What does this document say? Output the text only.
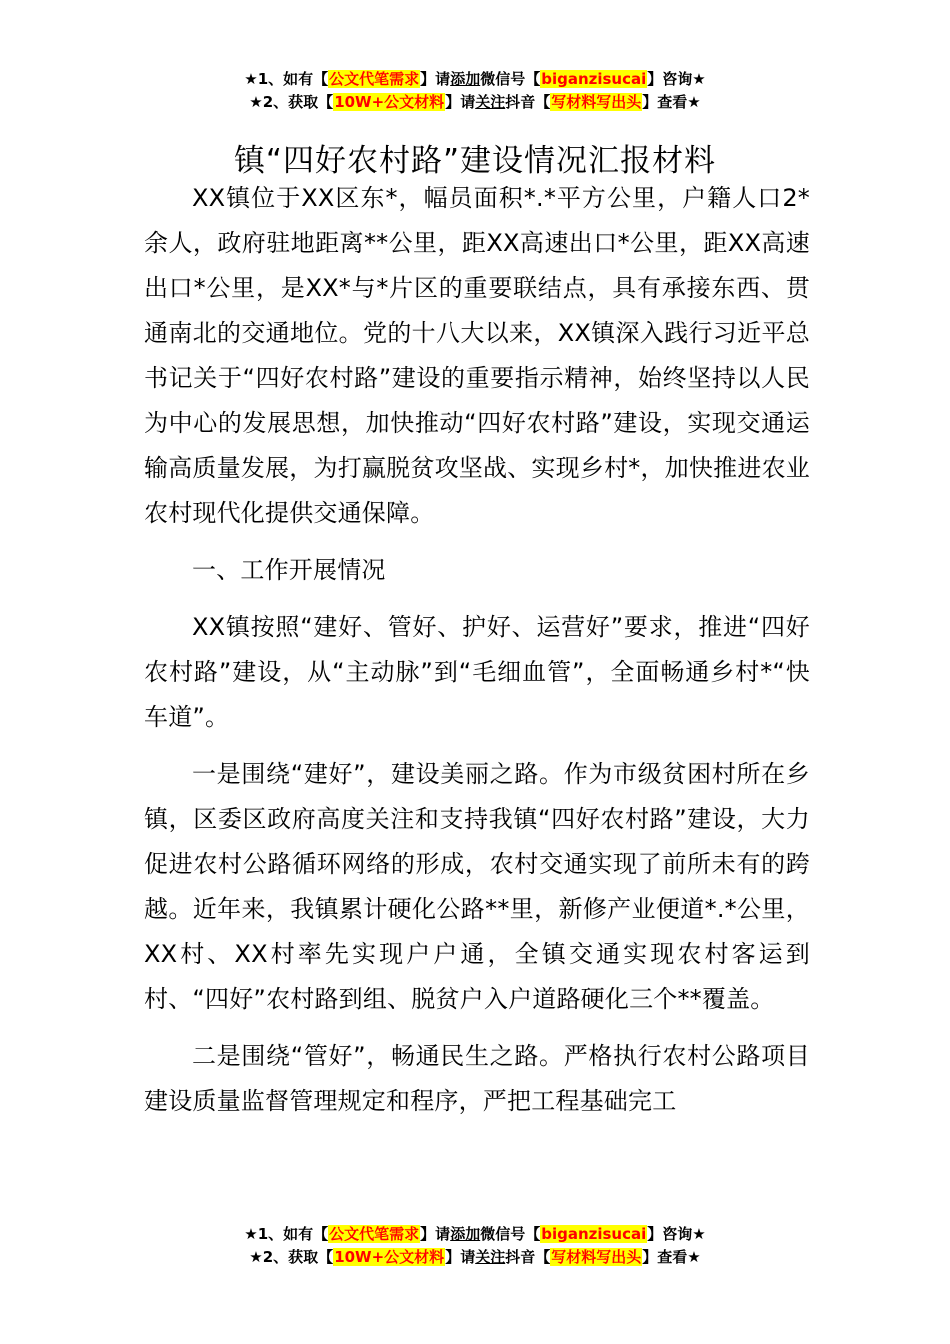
★1、如有【公文代笔需求】请添加微信号【biganzisucai】咨询★
★2、获取【10W+公文材料】请关注抖音【写材料写出头】查看★
镇“四好农村路”建设情况汇报材料

XX镇位于XX区东*，幅员面积*.*平方公里，户籍人口2*余人，政府驻地距离**公里，距XX高速出口*公里，距XX高速出口*公里，是XX*与*片区的重要联结点，具有承接东西、贯通南北的交通地位。党的十八大以来，XX镇深入践行习近平总书记关于“四好农村路”建设的重要指示精神，始终坚持以人民为中心的发展思想，加快推动“四好农村路”建设，实现交通运输高质量发展，为打赢脱贫攻坚战、实现乡村*，加快推进农业农村现代化提供交通保障。

一、工作开展情况

XX镇按照“建好、管好、护好、运营好”要求，推进“四好农村路”建设，从“主动脉”到“毛细血管”，全面畅通乡村*“快车道”。

一是围绕“建好”，建设美丽之路。作为市级贫困村所在乡镇，区委区政府高度关注和支持我镇“四好农村路”建设，大力促进农村公路循环网络的形成，农村交通实现了前所未有的跨越。近年来，我镇累计硬化公路**里，新修产业便道*.*公里，XX村、XX村率先实现户户通，全镇交通实现农村客运到村、“四好”农村路到组、脱贫户入户道路硬化三个**覆盖。

二是围绕“管好”，畅通民生之路。严格执行农村公路项目建设质量监督管理规定和程序，严把工程基础完工

★1、如有【公文代笔需求】请添加微信号【biganzisucai】咨询★
★2、获取【10W+公文材料】请关注抖音【写材料写出头】查看★
